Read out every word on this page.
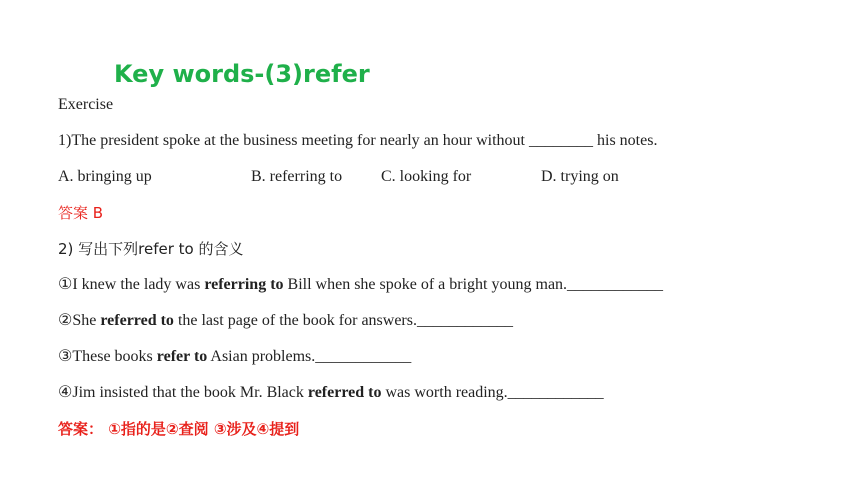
Key words-(3)refer
Exercise
1)The president spoke at the business meeting for nearly an hour without ________ his notes.
A. bringing up	B. referring to C. looking for	D. trying on
答案 B
2) 写出下列refer to 的含义
①I knew the lady was referring to Bill when she spoke of a bright young man.____________
②She referred to the last page of the book for answers.____________
③These books refer to Asian problems.____________
④Jim insisted that the book Mr. Black referred to was worth reading.____________
答案： ①指的是②查阅 ③涉及④提到
